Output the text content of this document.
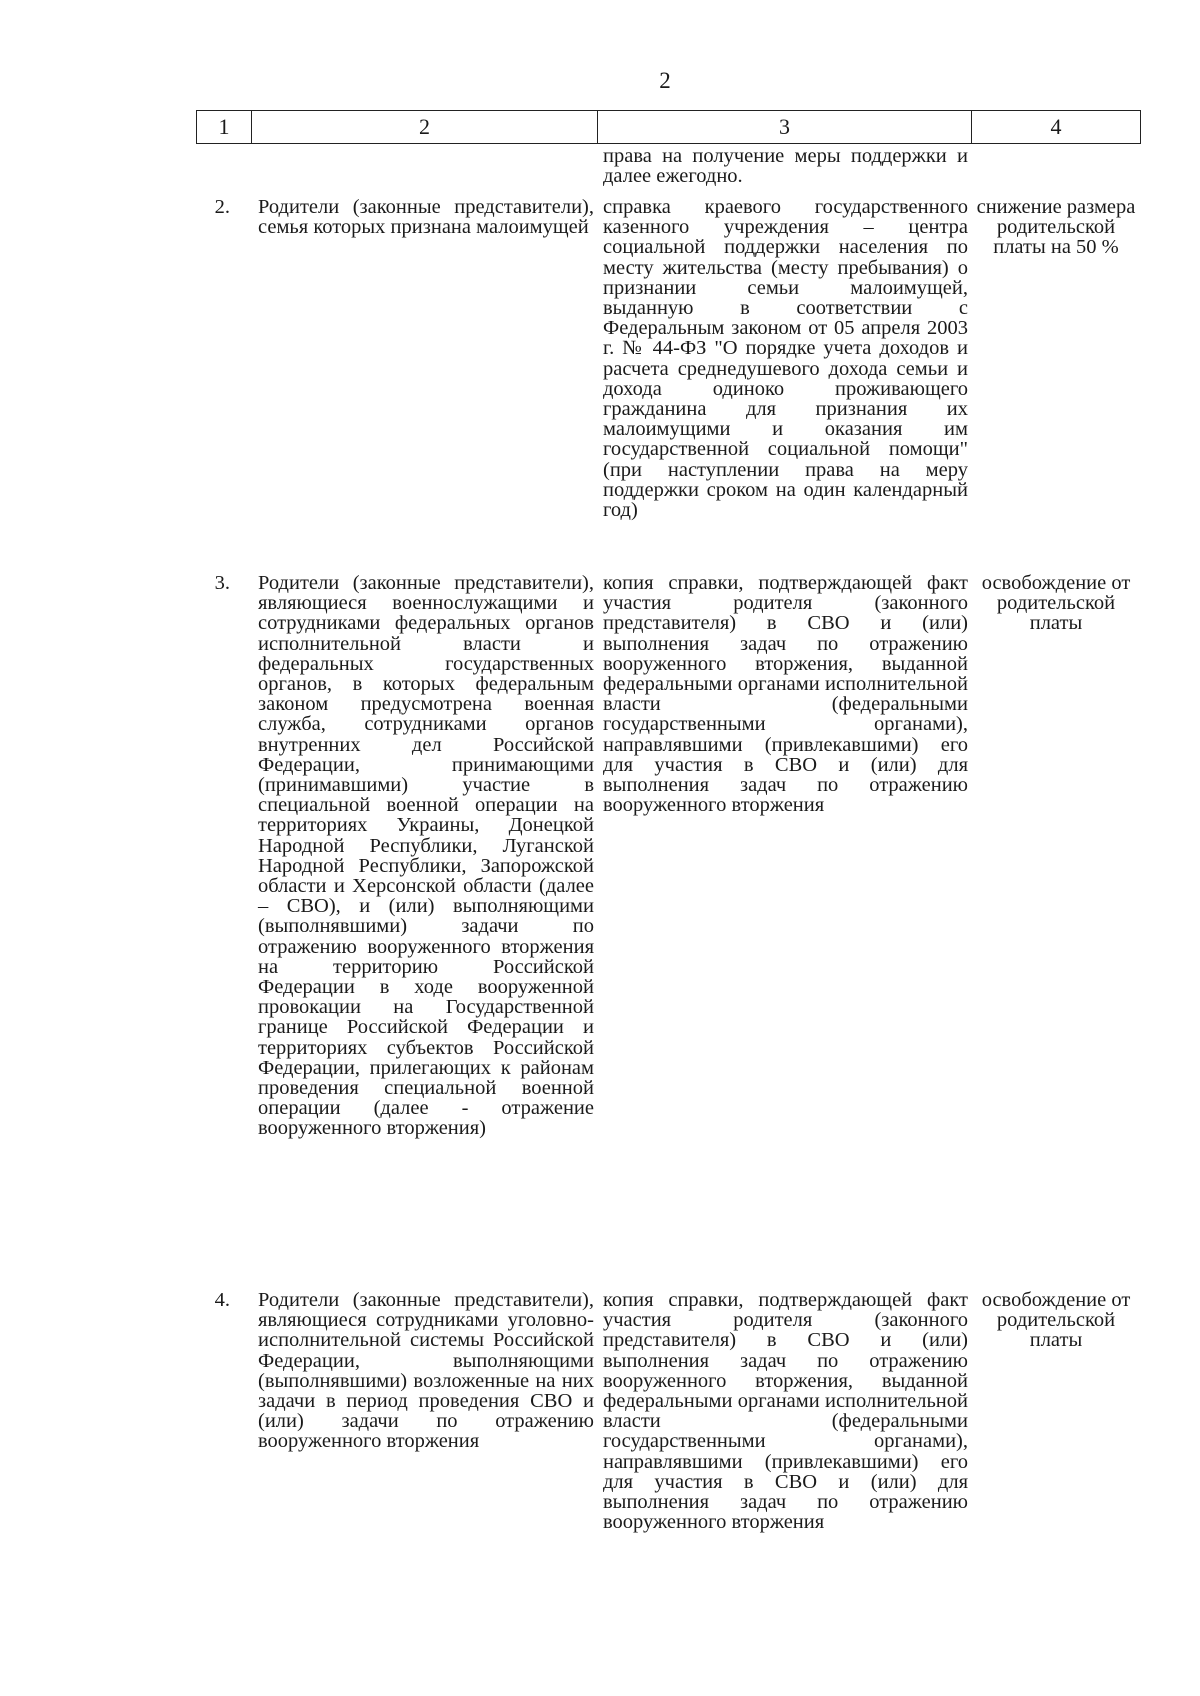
2
1	2	3	4
права на получение меры поддержки и далее ежегодно.
2. Родители (законные представители), семья которых признана малоимущей
справка краевого государственного казенного учреждения – центра социальной поддержки населения по месту жительства (месту пребывания) о признании семьи малоимущей, выданную в соответствии с Федеральным законом от 05 апреля 2003 г. № 44-ФЗ "О порядке учета доходов и расчета среднедушевого дохода семьи и дохода одиноко проживающего гражданина для признания их малоимущими и оказания им государственной социальной помощи" (при наступлении права на меру поддержки сроком на один календарный год)
снижение размера родительской платы на 50 %
3. Родители (законные представители), являющиеся военнослужащими и сотрудниками федеральных органов исполнительной власти и федеральных государственных органов, в которых федеральным законом предусмотрена военная служба, сотрудниками органов внутренних дел Российской Федерации, принимающими (принимавшими) участие в специальной военной операции на территориях Украины, Донецкой Народной Республики, Луганской Народной Республики, Запорожской области и Херсонской области (далее – СВО), и (или) выполняющими (выполнявшими) задачи по отражению вооруженного вторжения на территорию Российской Федерации в ходе вооруженной провокации на Государственной границе Российской Федерации и территориях субъектов Российской Федерации, прилегающих к районам проведения специальной военной операции (далее - отражение вооруженного вторжения)
копия справки, подтверждающей факт участия родителя (законного представителя) в СВО и (или) выполнения задач по отражению вооруженного вторжения, выданной федеральными органами исполнительной власти (федеральными государственными органами), направлявшими (привлекавшими) его для участия в СВО и (или) для выполнения задач по отражению вооруженного вторжения
освобождение от родительской платы
4. Родители (законные представители), являющиеся сотрудниками уголовно-исполнительной системы Российской Федерации, выполняющими (выполнявшими) возложенные на них задачи в период проведения СВО и (или) задачи по отражению вооруженного вторжения
копия справки, подтверждающей факт участия родителя (законного представителя) в СВО и (или) выполнения задач по отражению вооруженного вторжения, выданной федеральными органами исполнительной власти (федеральными государственными органами), направлявшими (привлекавшими) его для участия в СВО и (или) для выполнения задач по отражению вооруженного вторжения
освобождение от родительской платы
